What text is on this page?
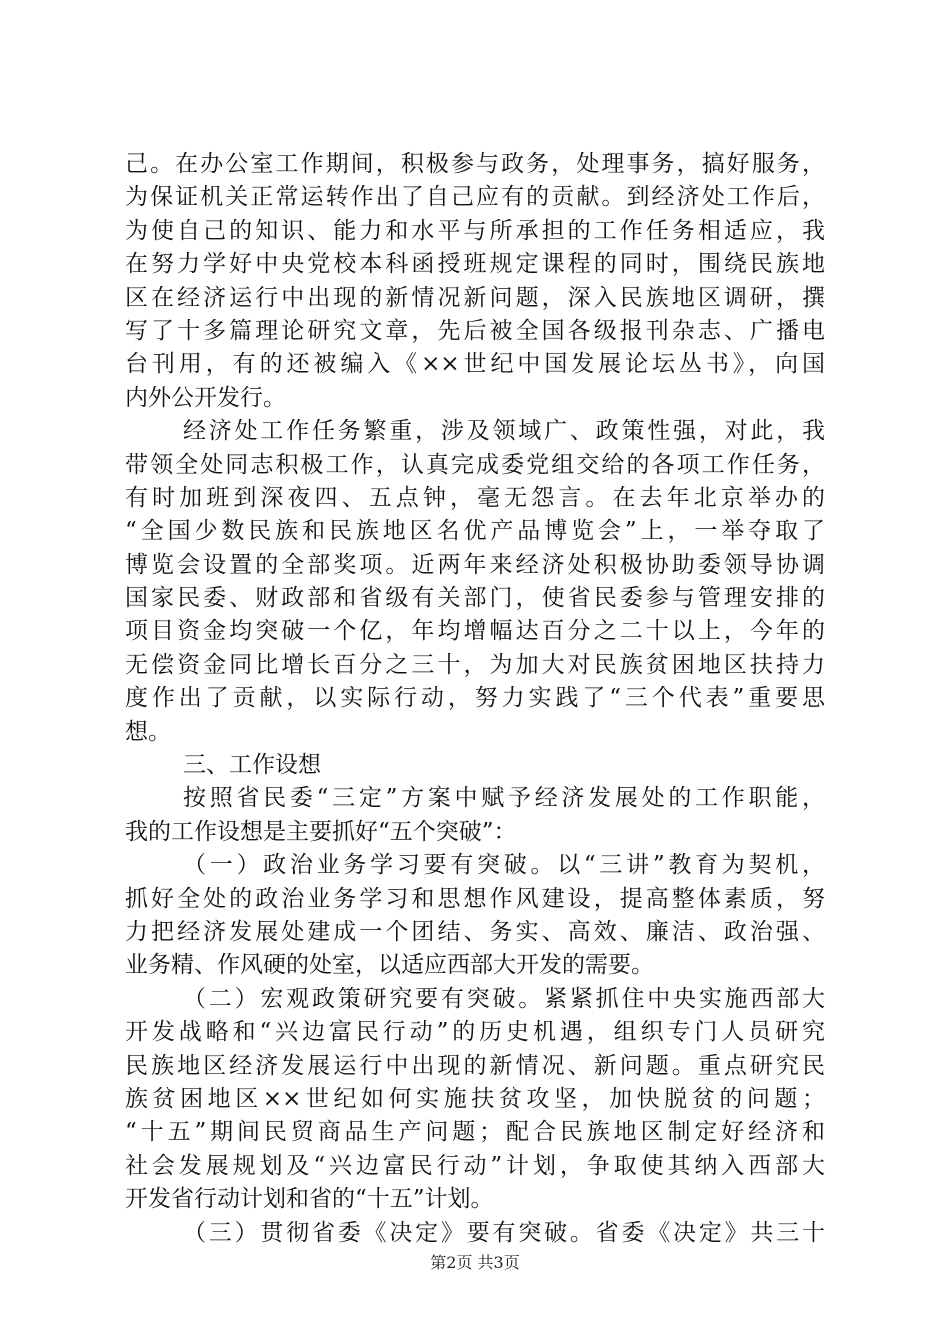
己。在办公室工作期间，积极参与政务，处理事务，搞好服务，
为保证机关正常运转作出了自己应有的贡献。到经济处工作后，
为使自己的知识、能力和水平与所承担的工作任务相适应，我
在努力学好中央党校本科函授班规定课程的同时，围绕民族地
区在经济运行中出现的新情况新问题，深入民族地区调研，撰
写了十多篇理论研究文章，先后被全国各级报刊杂志、广播电
台刊用，有的还被编入《××世纪中国发展论坛丛书》，向国
内外公开发行。
经济处工作任务繁重，涉及领域广、政策性强，对此，我
带领全处同志积极工作，认真完成委党组交给的各项工作任务，
有时加班到深夜四、五点钟，毫无怨言。在去年北京举办的
“全国少数民族和民族地区名优产品博览会”上，一举夺取了
博览会设置的全部奖项。近两年来经济处积极协助委领导协调
国家民委、财政部和省级有关部门，使省民委参与管理安排的
项目资金均突破一个亿，年均增幅达百分之二十以上，今年的
无偿资金同比增长百分之三十，为加大对民族贫困地区扶持力
度作出了贡献，以实际行动，努力实践了“三个代表”重要思
想。
三、工作设想
按照省民委“三定”方案中赋予经济发展处的工作职能，
我的工作设想是主要抓好“五个突破”：
（一）政治业务学习要有突破。以“三讲”教育为契机，
抓好全处的政治业务学习和思想作风建设，提高整体素质，努
力把经济发展处建成一个团结、务实、高效、廉洁、政治强、
业务精、作风硬的处室，以适应西部大开发的需要。
（二）宏观政策研究要有突破。紧紧抓住中央实施西部大
开发战略和“兴边富民行动”的历史机遇，组织专门人员研究
民族地区经济发展运行中出现的新情况、新问题。重点研究民
族贫困地区××世纪如何实施扶贫攻坚，加快脱贫的问题；
“十五”期间民贸商品生产问题；配合民族地区制定好经济和
社会发展规划及“兴边富民行动”计划，争取使其纳入西部大
开发省行动计划和省的“十五”计划。
（三）贯彻省委《决定》要有突破。省委《决定》共三十
第2页 共3页
